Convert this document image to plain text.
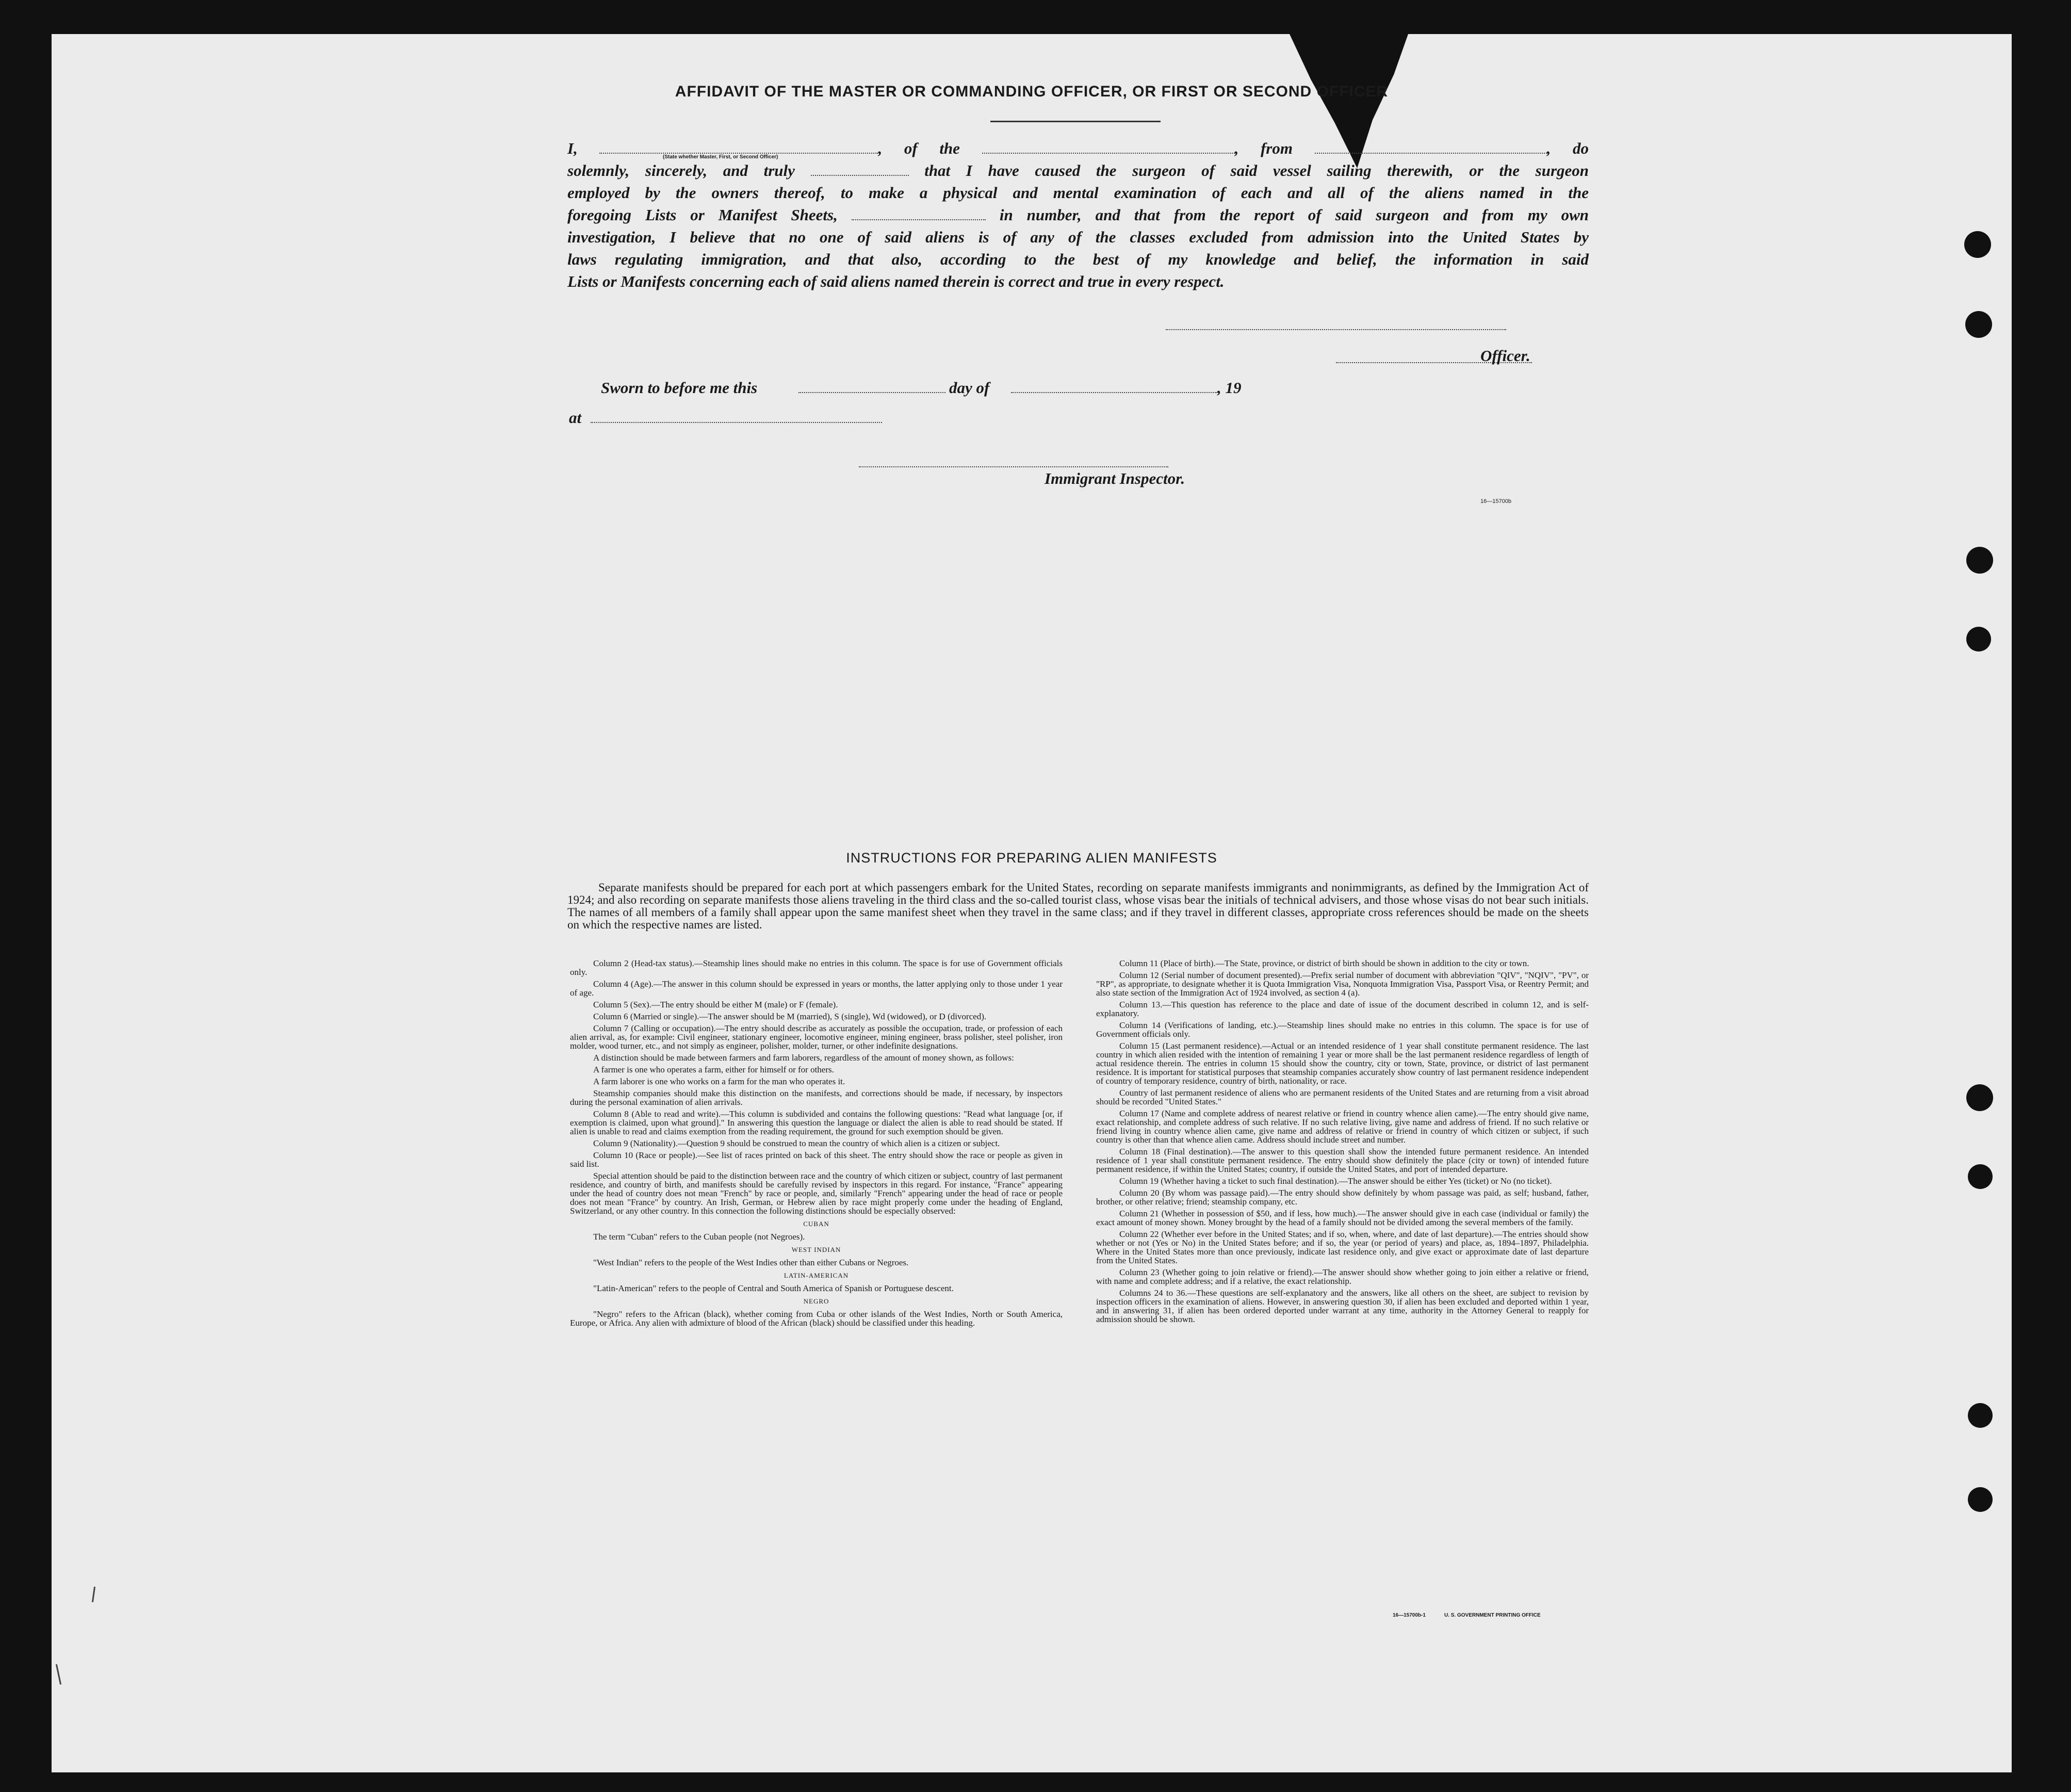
AFFIDAVIT OF THE MASTER OR COMMANDING OFFICER, OR FIRST OR SECOND OFFICER
(State whether Master, First, or Second Officer)

I,	, of the	, from	, do

solemnly, sincerely, and truly	that I have caused the surgeon of said vessel sailing therewith, or the surgeon

employed by the owners thereof, to make a physical and mental examination of each and all of the aliens named in the

foregoing Lists or Manifest Sheets,	in number, and that from the report of said surgeon and from my own

investigation, I believe that no one of said aliens is of any of the classes excluded from admission into the United States by

laws regulating immigration, and that also, according to the best of my knowledge and belief, the information in said

Lists or Manifests concerning each of said aliens named therein is correct and true in every respect.

Officer.
Sworn to before me this	day of	, 19
at
Immigrant Inspector.
16—15700b
INSTRUCTIONS FOR PREPARING ALIEN MANIFESTS

Separate manifests should be prepared for each port at which passengers embark for the United States, recording on separate manifests immigrants and nonimmigrants, as defined by the Immigration Act of 1924; and also recording on separate manifests those aliens traveling in the third class and the so-called tourist class, whose visas bear the initials of technical advisers, and those whose visas do not bear such initials. The names of all members of a family shall appear upon the same manifest sheet when they travel in the same class; and if they travel in different classes, appropriate cross references should be made on the sheets on which the respective names are listed.

Column 2 (Head-tax status).—Steamship lines should make no entries in this column. The space is for use of Government officials only.

Column 4 (Age).—The answer in this column should be expressed in years or months, the latter applying only to those under 1 year of age.

Column 5 (Sex).—The entry should be either M (male) or F (female).

Column 6 (Married or single).—The answer should be M (married), S (single), Wd (widowed), or D (divorced).

Column 7 (Calling or occupation).—The entry should describe as accurately as possible the occupation, trade, or profession of each alien arrival, as, for example: Civil engineer, stationary engineer, locomotive engineer, mining engineer, brass polisher, steel polisher, iron molder, wood turner, etc., and not simply as engineer, polisher, molder, turner, or other indefinite designations.

A distinction should be made between farmers and farm laborers, regardless of the amount of money shown, as follows:

A farmer is one who operates a farm, either for himself or for others.

A farm laborer is one who works on a farm for the man who operates it.

Steamship companies should make this distinction on the manifests, and corrections should be made, if necessary, by inspectors during the personal examination of alien arrivals.

Column 8 (Able to read and write).—This column is subdivided and contains the following questions: "Read what language [or, if exemption is claimed, upon what ground]." In answering this question the language or dialect the alien is able to read should be stated. If alien is unable to read and claims exemption from the reading requirement, the ground for such exemption should be given.

Column 9 (Nationality).—Question 9 should be construed to mean the country of which alien is a citizen or subject.

Column 10 (Race or people).—See list of races printed on back of this sheet. The entry should show the race or people as given in said list.

Special attention should be paid to the distinction between race and the country of which citizen or subject, country of last permanent residence, and country of birth, and manifests should be carefully revised by inspectors in this regard. For instance, "France" appearing under the head of country does not mean "French" by race or people, and, similarly "French" appearing under the head of race or people does not mean "France" by country. An Irish, German, or Hebrew alien by race might properly come under the heading of England, Switzerland, or any other country. In this connection the following distinctions should be especially observed:

CUBAN

The term "Cuban" refers to the Cuban people (not Negroes).

WEST INDIAN

"West Indian" refers to the people of the West Indies other than either Cubans or Negroes.

LATIN-AMERICAN

"Latin-American" refers to the people of Central and South America of Spanish or Portuguese descent.

NEGRO

"Negro" refers to the African (black), whether coming from Cuba or other islands of the West Indies, North or South America, Europe, or Africa. Any alien with admixture of blood of the African (black) should be classified under this heading.

Column 11 (Place of birth).—The State, province, or district of birth should be shown in addition to the city or town.

Column 12 (Serial number of document presented).—Prefix serial number of document with abbreviation "QIV", "NQIV", "PV", or "RP", as appropriate, to designate whether it is Quota Immigration Visa, Nonquota Immigration Visa, Passport Visa, or Reentry Permit; and also state section of the Immigration Act of 1924 involved, as section 4 (a).

Column 13.—This question has reference to the place and date of issue of the document described in column 12, and is self-explanatory.

Column 14 (Verifications of landing, etc.).—Steamship lines should make no entries in this column. The space is for use of Government officials only.

Column 15 (Last permanent residence).—Actual or an intended residence of 1 year shall constitute permanent residence. The last country in which alien resided with the intention of remaining 1 year or more shall be the last permanent residence regardless of length of actual residence therein. The entries in column 15 should show the country, city or town, State, province, or district of last permanent residence. It is important for statistical purposes that steamship companies accurately show country of last permanent residence independent of country of temporary residence, country of birth, nationality, or race.

Country of last permanent residence of aliens who are permanent residents of the United States and are returning from a visit abroad should be recorded "United States."

Column 17 (Name and complete address of nearest relative or friend in country whence alien came).—The entry should give name, exact relationship, and complete address of such relative. If no such relative living, give name and address of friend. If no such relative or friend living in country whence alien came, give name and address of relative or friend in country of which citizen or subject, if such country is other than that whence alien came. Address should include street and number.

Column 18 (Final destination).—The answer to this question shall show the intended future permanent residence. An intended residence of 1 year shall constitute permanent residence. The entry should show definitely the place (city or town) of intended future permanent residence, if within the United States; country, if outside the United States, and port of intended departure.

Column 19 (Whether having a ticket to such final destination).—The answer should be either Yes (ticket) or No (no ticket).

Column 20 (By whom was passage paid).—The entry should show definitely by whom passage was paid, as self; husband, father, brother, or other relative; friend; steamship company, etc.

Column 21 (Whether in possession of $50, and if less, how much).—The answer should give in each case (individual or family) the exact amount of money shown. Money brought by the head of a family should not be divided among the several members of the family.

Column 22 (Whether ever before in the United States; and if so, when, where, and date of last departure).—The entries should show whether or not (Yes or No) in the United States before; and if so, the year (or period of years) and place, as, 1894–1897, Philadelphia. Where in the United States more than once previously, indicate last residence only, and give exact or approximate date of last departure from the United States.

Column 23 (Whether going to join relative or friend).—The answer should show whether going to join either a relative or friend, with name and complete address; and if a relative, the exact relationship.

Columns 24 to 36.—These questions are self-explanatory and the answers, like all others on the sheet, are subject to revision by inspection officers in the examination of aliens. However, in answering question 30, if alien has been excluded and deported within 1 year, and in answering 31, if alien has been ordered deported under warrant at any time, authority in the Attorney General to reapply for admission should be shown.

16—15700b-1	U. S. GOVERNMENT PRINTING OFFICE
